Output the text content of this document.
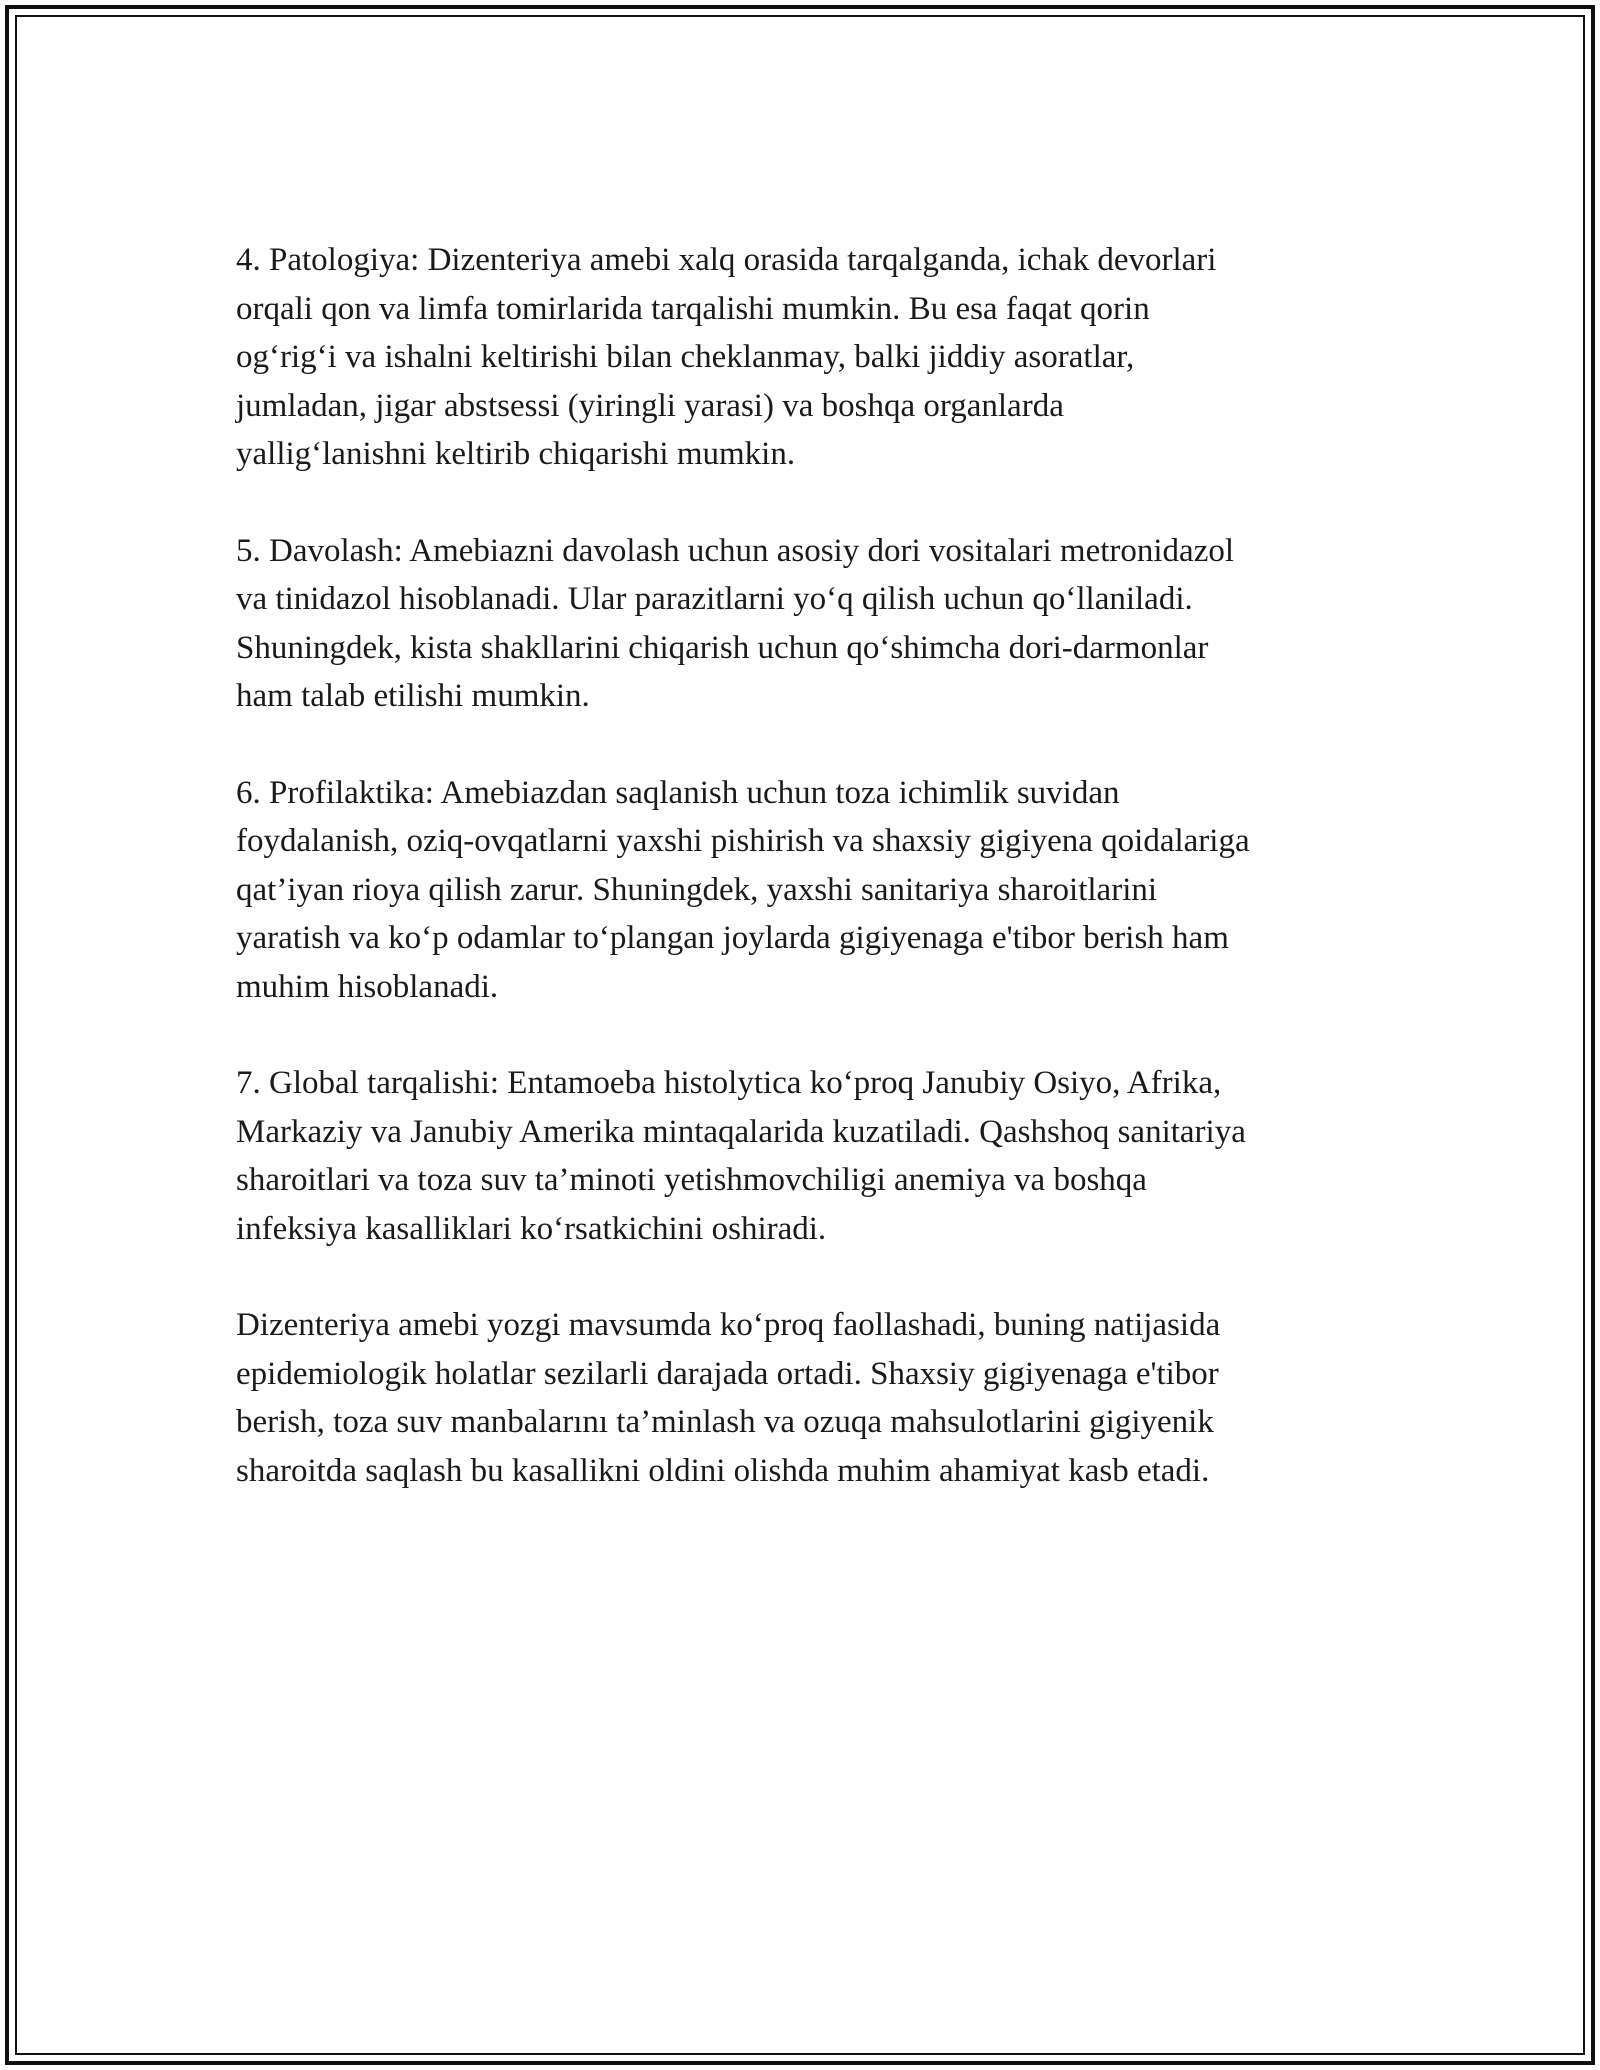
4. Patologiya: Dizenteriya amebi xalq orasida tarqalganda, ichak devorlari
orqali qon va limfa tomirlarida tarqalishi mumkin. Bu esa faqat qorin
og‘rig‘i va ishalni keltirishi bilan cheklanmay, balki jiddiy asoratlar,
jumladan, jigar abstsessi (yiringli yarasi) va boshqa organlarda
yallig‘lanishni keltirib chiqarishi mumkin.

5. Davolash: Amebiazni davolash uchun asosiy dori vositalari metronidazol
va tinidazol hisoblanadi. Ular parazitlarni yo‘q qilish uchun qo‘llaniladi.
Shuningdek, kista shakllarini chiqarish uchun qo‘shimcha dori-darmonlar
ham talab etilishi mumkin.

6. Profilaktika: Amebiazdan saqlanish uchun toza ichimlik suvidan
foydalanish, oziq-ovqatlarni yaxshi pishirish va shaxsiy gigiyena qoidalariga
qat’iyan rioya qilish zarur. Shuningdek, yaxshi sanitariya sharoitlarini
yaratish va ko‘p odamlar to‘plangan joylarda gigiyenaga e'tibor berish ham
muhim hisoblanadi.

7. Global tarqalishi: Entamoeba histolytica ko‘proq Janubiy Osiyo, Afrika,
Markaziy va Janubiy Amerika mintaqalarida kuzatiladi. Qashshoq sanitariya
sharoitlari va toza suv ta’minoti yetishmovchiligi anemiya va boshqa
infeksiya kasalliklari ko‘rsatkichini oshiradi.

Dizenteriya amebi yozgi mavsumda ko‘proq faollashadi, buning natijasida
epidemiologik holatlar sezilarli darajada ortadi. Shaxsiy gigiyenaga e'tibor
berish, toza suv manbalarını ta’minlash va ozuqa mahsulotlarini gigiyenik
sharoitda saqlash bu kasallikni oldini olishda muhim ahamiyat kasb etadi.
